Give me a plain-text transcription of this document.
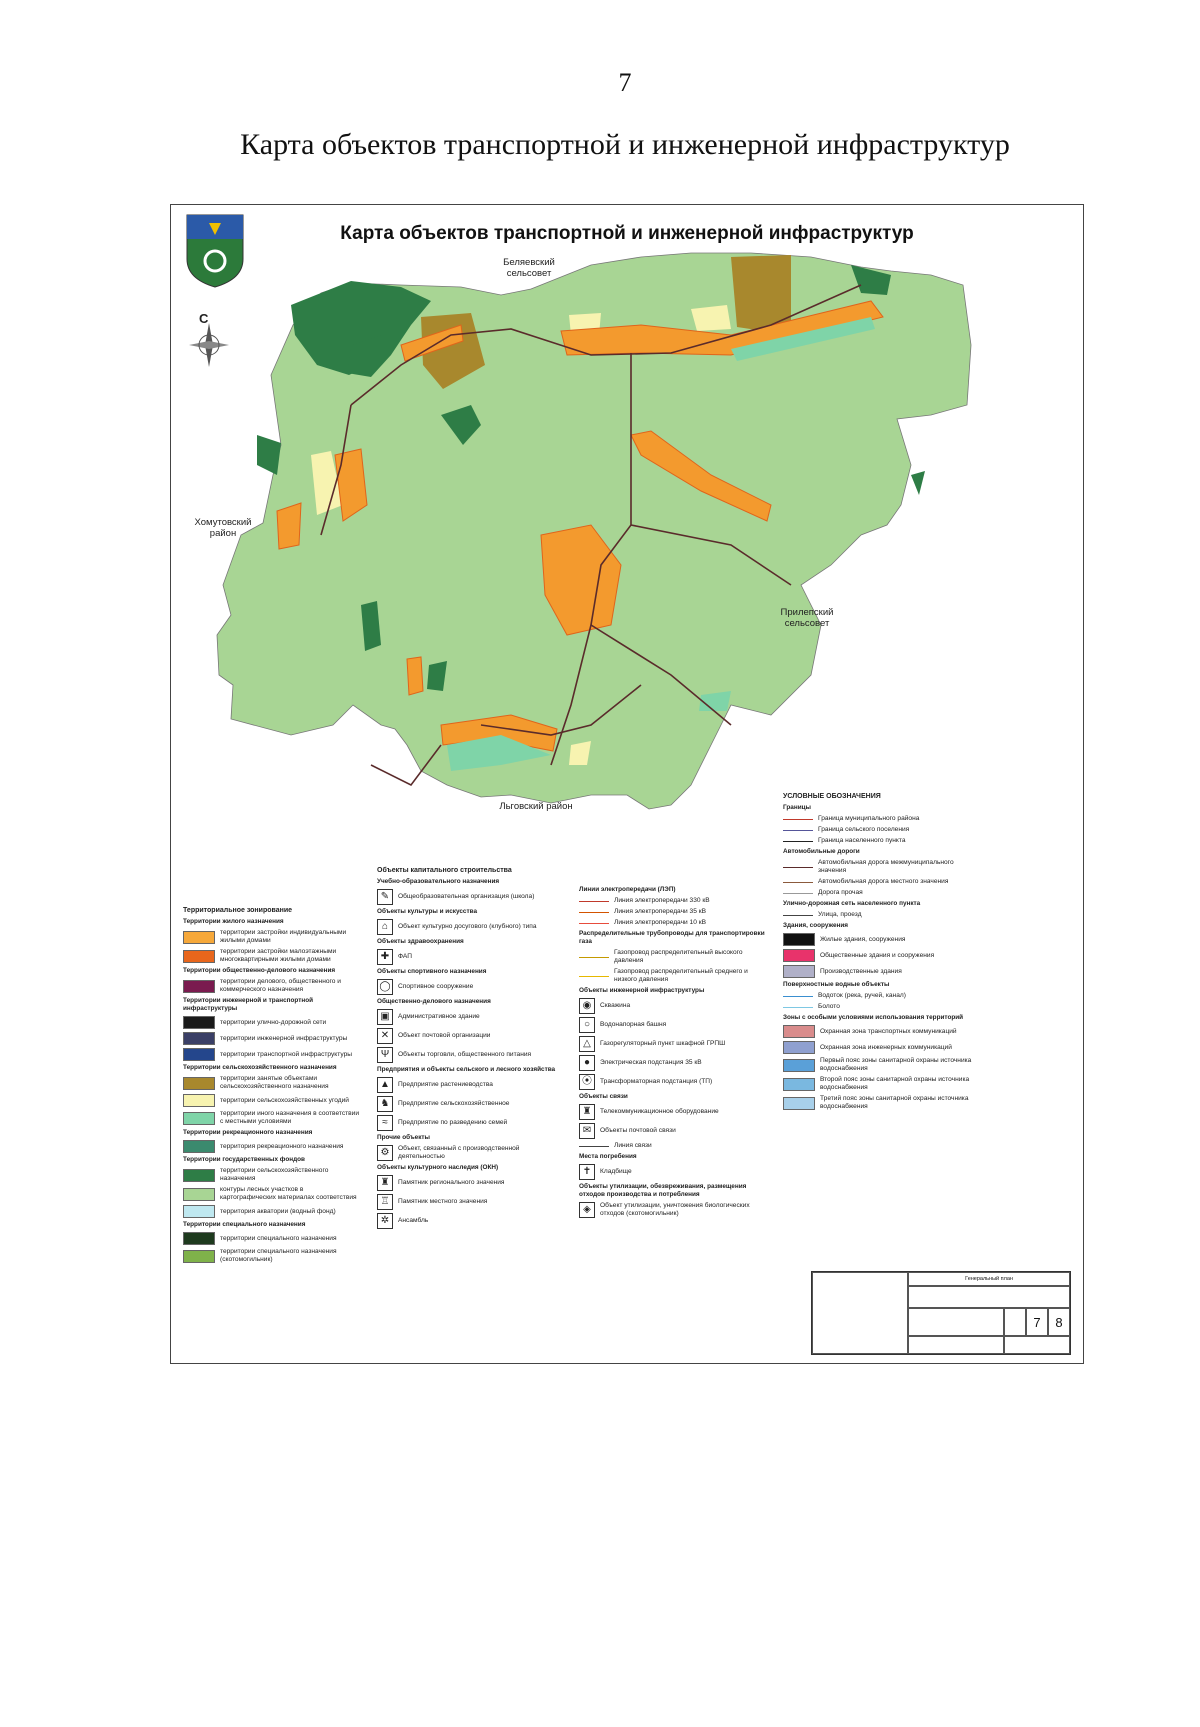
7
Карта объектов транспортной и инженерной инфраструктур
Карта объектов транспортной и инженерной инфраструктур
С
Беляевский сельсовет
Хомутовский район
Прилепский сельсовет
Льговский район
Территориальное зонирование
Территории жилого назначения
территории застройки индивидуальными жилыми домами
территории застройки малоэтажными многоквартирными жилыми домами
Территории общественно-делового назначения
территории делового, общественного и коммерческого назначения
Территории инженерной и транспортной инфраструктуры
территории улично-дорожной сети
территории инженерной инфраструктуры
территории транспортной инфраструктуры
Территории сельскохозяйственного назначения
территории занятые объектами сельскохозяйственного назначения
территории сельскохозяйственных угодий
территории иного назначения в соответствии с местными условиями
Территории рекреационного назначения
территория рекреационного назначения
Территории государственных фондов
территории сельскохозяйственного назначения
контуры лесных участков в картографических материалах соответствия
территория акватории (водный фонд)
Территории специального назначения
территории специального назначения
территории специального назначения (скотомогильник)
Объекты капитального строительства
Учебно-образовательного назначения
✎	Общеобразовательная организация (школа)
Объекты культуры и искусства
⌂	Объект культурно досугового (клубного) типа
Объекты здравоохранения
✚	ФАП
Объекты спортивного назначения
◯	Спортивное сооружение
Общественно-делового назначения
▣	Административное здание
✕	Объект почтовой организации
Ψ	Объекты торговли, общественного питания
Предприятия и объекты сельского и лесного хозяйства
▲	Предприятие растениеводства
♞	Предприятие сельскохозяйственное
≈	Предприятие по разведению семей
Прочие объекты
⚙	Объект, связанный с производственной деятельностью
Объекты культурного наследия (ОКН)
♜	Памятник регионального значения
♖	Памятник местного значения
✲	Ансамбль
Линии электропередачи (ЛЭП)
Линия электропередачи 330 кВ
Линия электропередачи 35 кВ
Линия электропередачи 10 кВ
Распределительные трубопроводы для транспортировки газа
Газопровод распределительный высокого давления
Газопровод распределительный среднего и низкого давления
Объекты инженерной инфраструктуры
◉	Скважина
○	Водонапорная башня
△	Газорегуляторный пункт шкафной ГРПШ
●	Электрическая подстанция 35 кВ
⦿	Трансформаторная подстанция (ТП)
Объекты связи
♜	Телекоммуникационное оборудование
✉	Объекты почтовой связи
Линия связи
Места погребения
✝	Кладбище
Объекты утилизации, обезвреживания, размещения отходов производства и потребления
◈	Объект утилизации, уничтожения биологических отходов (скотомогильник)
УСЛОВНЫЕ ОБОЗНАЧЕНИЯ
Границы
Граница муниципального района
Граница сельского поселения
Граница населенного пункта
Автомобильные дороги
Автомобильная дорога межмуниципального значения
Автомобильная дорога местного значения
Дорога прочая
Улично-дорожная сеть населенного пункта
Улица, проезд
Здания, сооружения
Жилые здания, сооружения
Общественные здания и сооружения
Производственные здания
Поверхностные водные объекты
Водоток (река, ручей, канал)
Болото
Зоны с особыми условиями использования территорий
Охранная зона транспортных коммуникаций
Охранная зона инженерных коммуникаций
Первый пояс зоны санитарной охраны источника водоснабжения
Второй пояс зоны санитарной охраны источника водоснабжения
Третий пояс зоны санитарной охраны источника водоснабжения
Генеральный план
7	8
